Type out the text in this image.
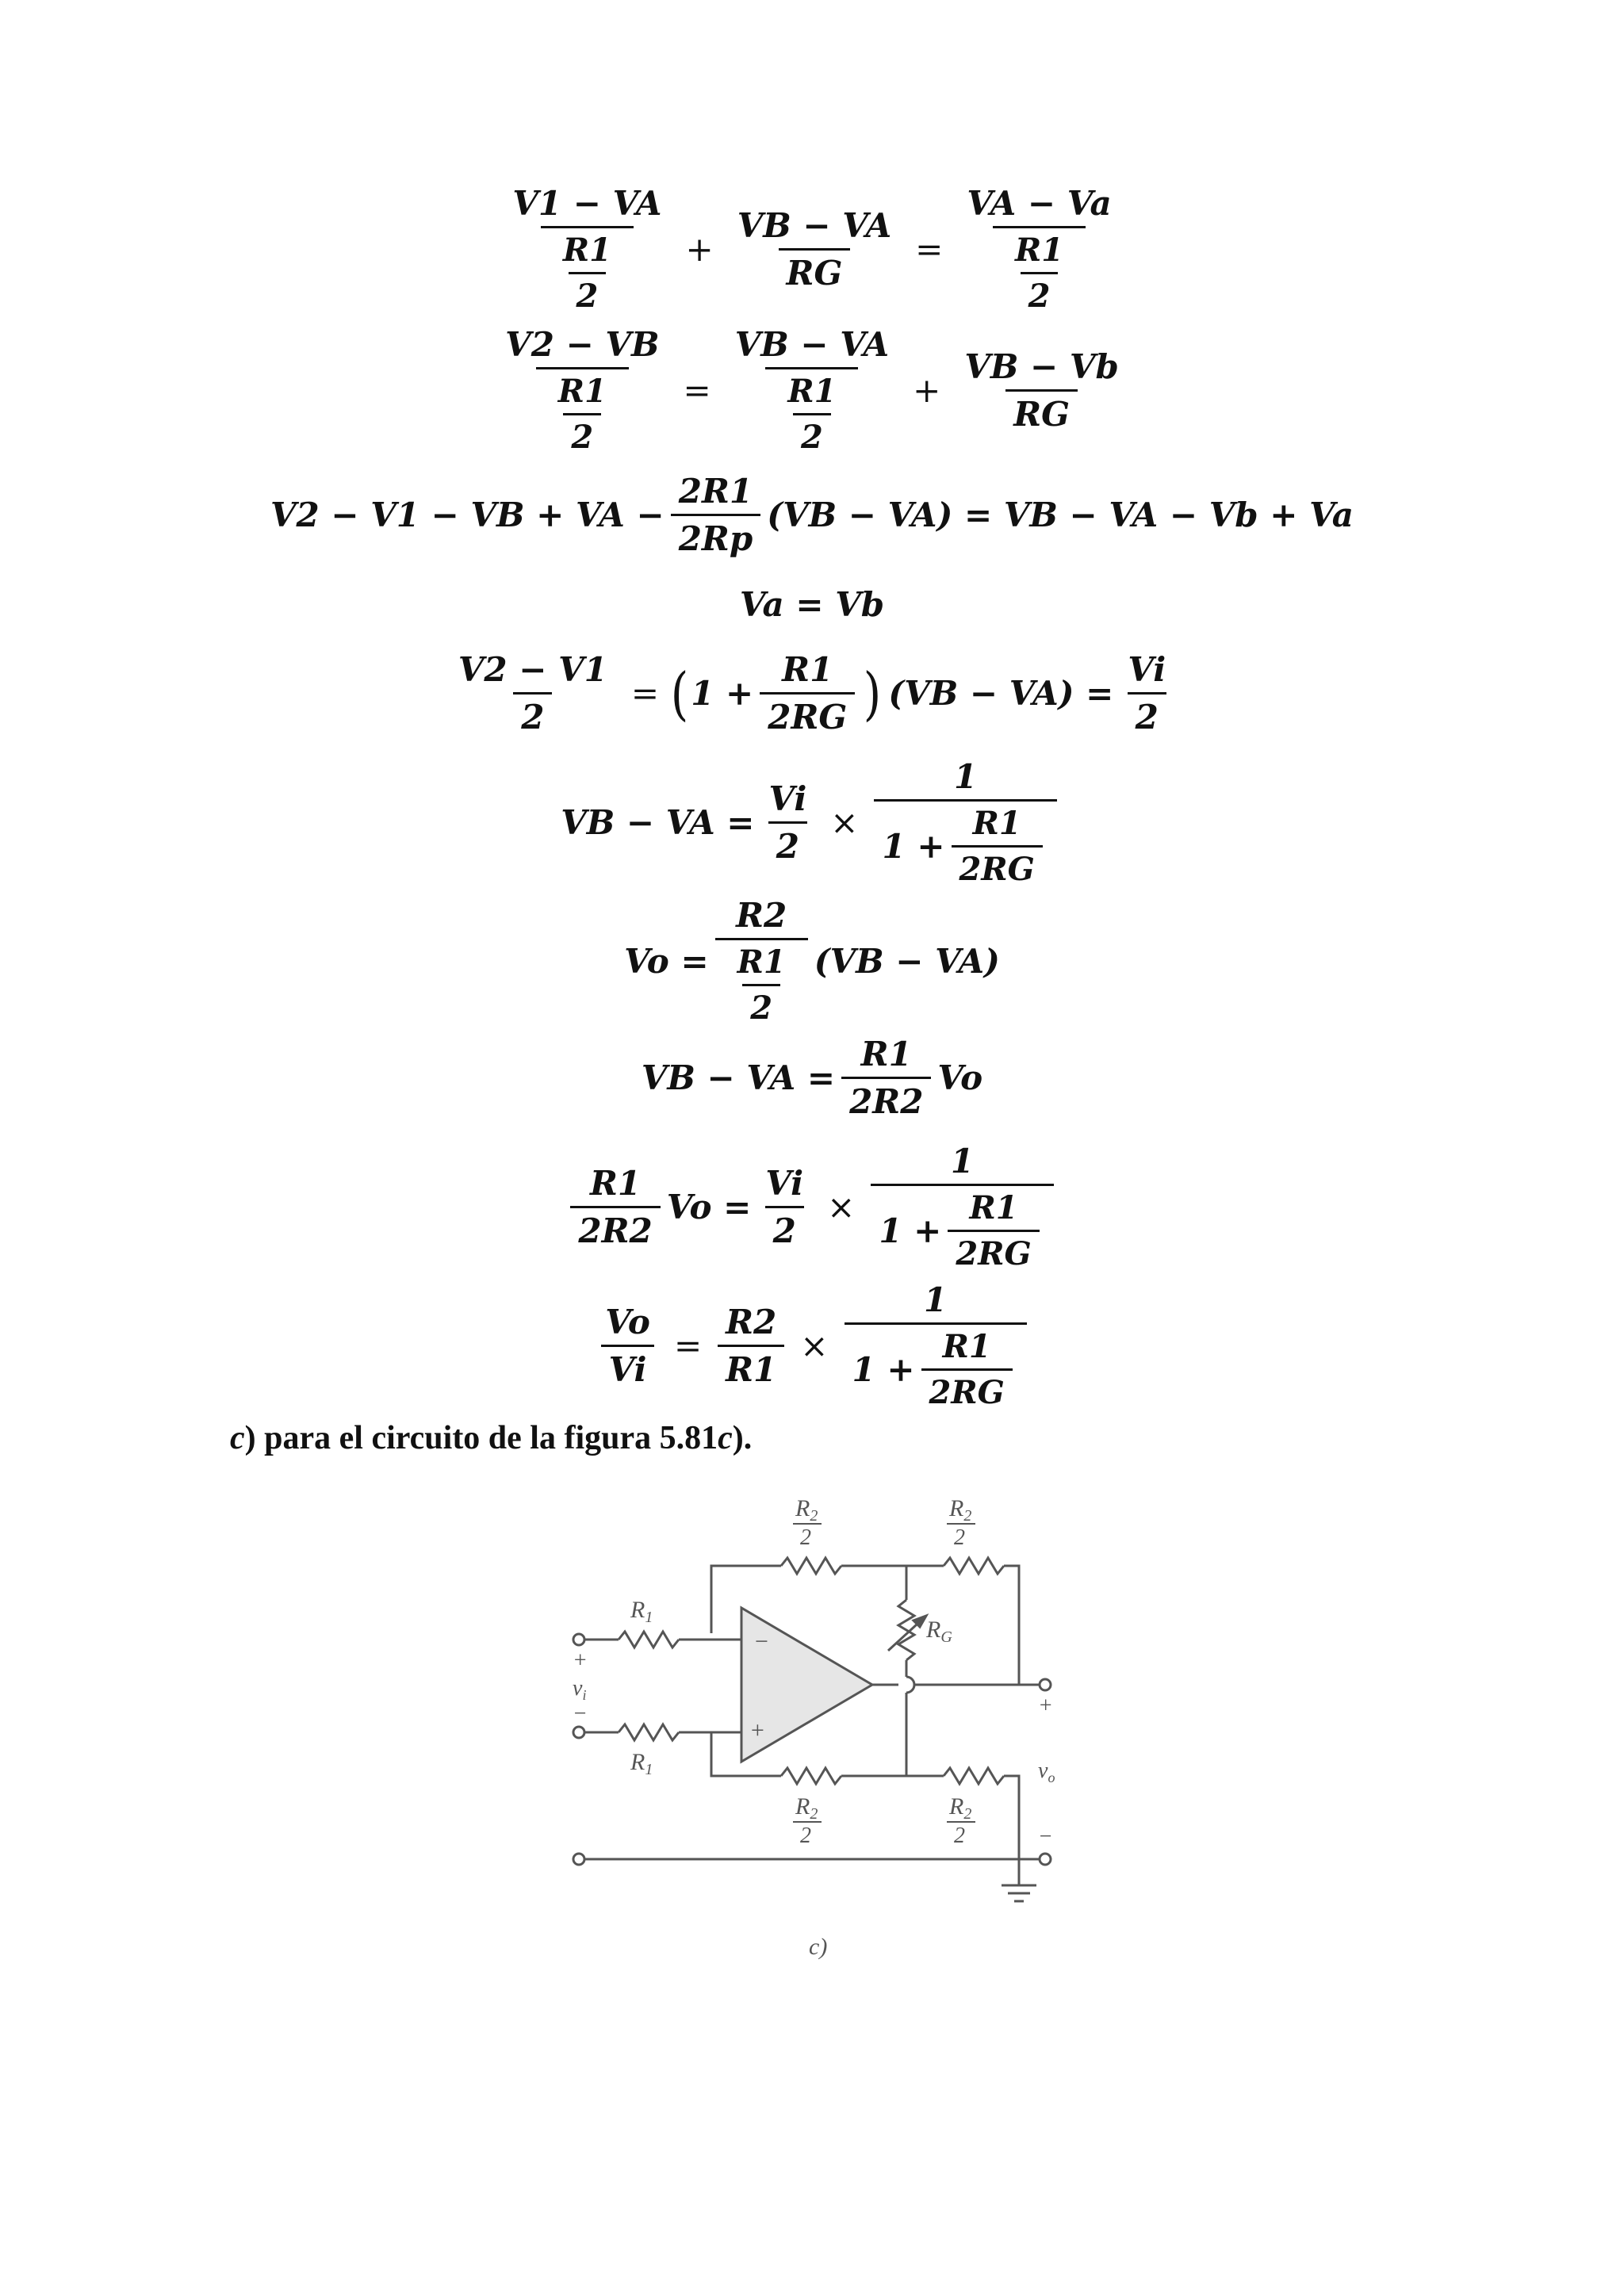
$\frac{V1 - VA}{\frac{R1}{2}} + \frac{VB - VA}{RG} = \frac{VA - Va}{\frac{R1}{2}}$
$\frac{V2 - VB}{\frac{R1}{2}} = \frac{VB - VA}{\frac{R1}{2}} + \frac{VB - Vb}{RG}$
V2 − V1 − VB + VA − $\frac{2R1}{2Rp} (VB - VA)$ = VB − VA − Vb + Va
Va = Vb
$\frac{V2 - V1}{2}$ = ( $1 + \frac{R1}{2RG}$ ) $(VB - VA) = \frac{Vi}{2}$
VB − VA = $\frac{Vi}{2} \times \frac{1}{1 + \frac{R1}{2RG}}$
$Vo = \frac{R2}{\frac{R1}{2}} (VB - VA)$
VB − VA = $\frac{R1}{2R2}$ Vo
$\frac{R1}{2R2}$ $Vo = \frac{Vi}{2} \times \frac{1}{1 + \frac{R1}{2RG}}$
$\frac{Vo}{Vi} = \frac{R2}{R1} \times \frac{1}{1 + \frac{R1}{2RG}}$
c) para el circuito de la figura 5.81c).
−
+
$R_2$
2
$R_2$
2
$R_2$
2
$R_2$
2
$R_1$
$R_1$
$R_G$
+
$v_i$
−	+
$v_o$
−
c)
